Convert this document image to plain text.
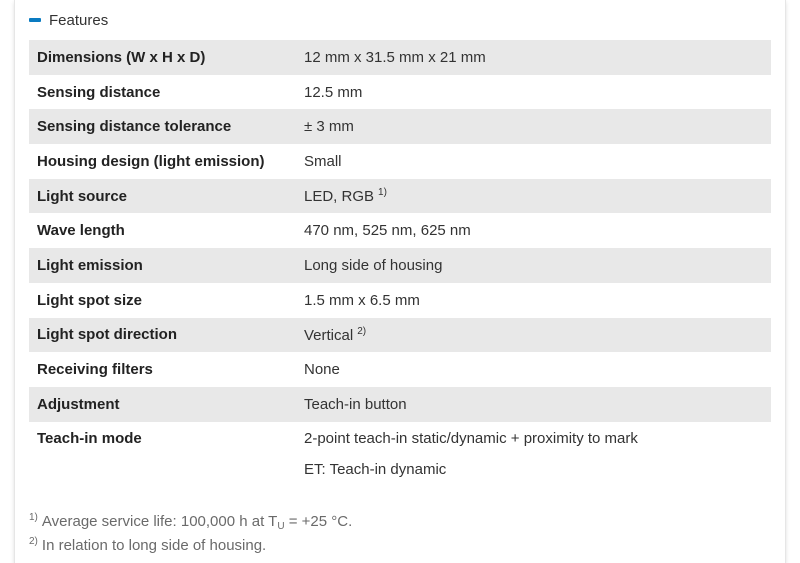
Features
Dimensions (W x H x D)	12 mm x 31.5 mm x 21 mm
Sensing distance	12.5 mm
Sensing distance tolerance	± 3 mm
Housing design (light emission)	Small
Light source	LED, RGB $^{1)}$
Wave length	470 nm, 525 nm, 625 nm
Light emission	Long side of housing
Light spot size	1.5 mm x 6.5 mm
Light spot direction	Vertical $^{2)}$
Receiving filters	None
Adjustment	Teach-in button
Teach-in mode	2-point teach-in static/dynamic + proximity to mark
ET: Teach-in dynamic
$^{1)}$ Average service life: 100,000 h at $T_U = +25$ °C.
$^{2)}$ In relation to long side of housing.
